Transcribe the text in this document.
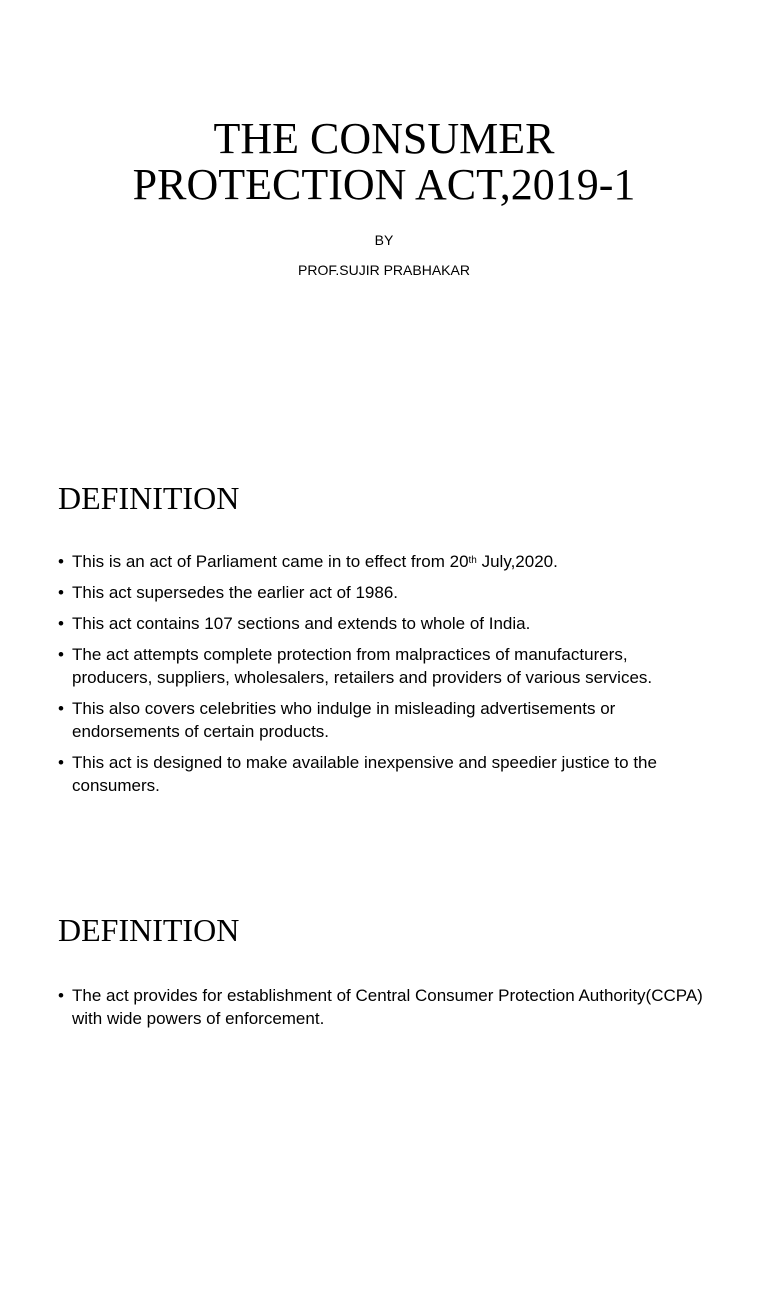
THE CONSUMER
PROTECTION ACT,2019-1
BY
PROF.SUJIR PRABHAKAR
DEFINITION
• This is an act of Parliament came in to effect from 20th July,2020.
• This act supersedes the earlier act of 1986.
• This act contains 107 sections and extends to whole of India.
• The act attempts complete protection from malpractices of manufacturers, producers, suppliers, wholesalers, retailers and providers of various services.
• This also covers celebrities who indulge in misleading advertisements or endorsements of certain products.
• This act is designed to make available inexpensive and speedier justice to the consumers.
DEFINITION
• The act provides for establishment of Central Consumer Protection Authority(CCPA) with wide powers of enforcement.
